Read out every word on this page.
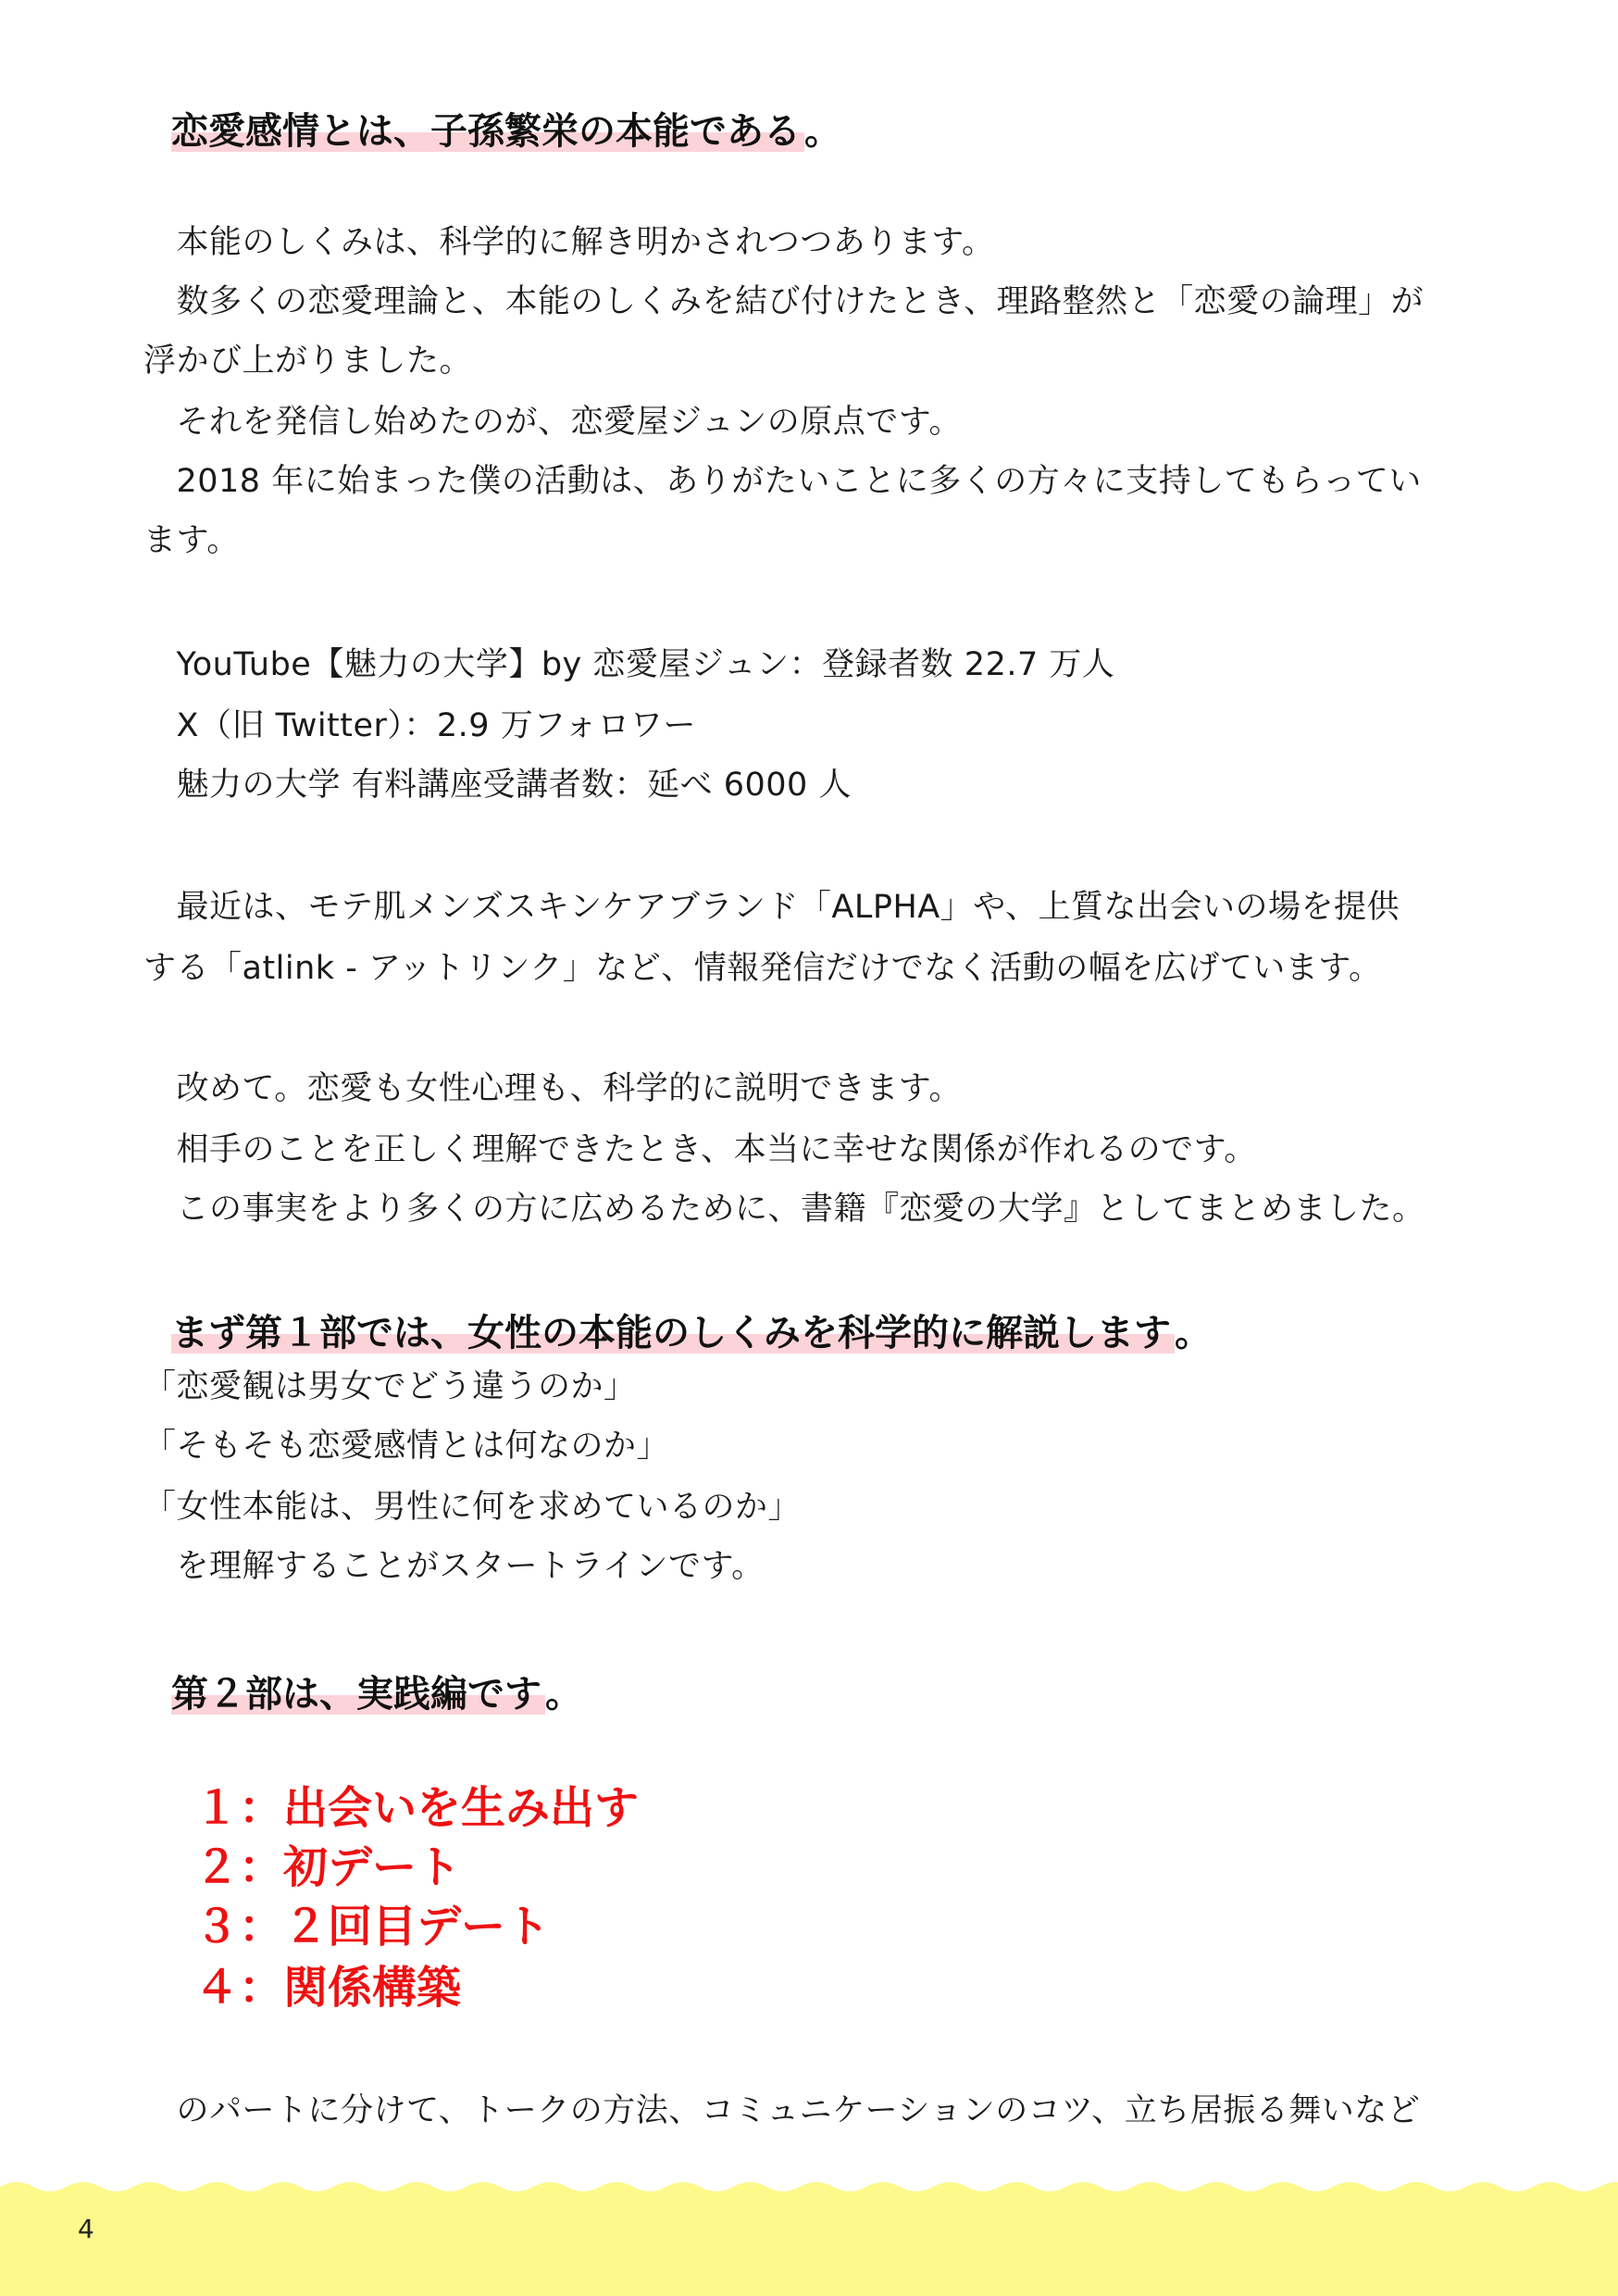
恋愛感情とは、子孫繁栄の本能である 。
　本能のしくみは、科学的に解き明かされつつあります。
　数多くの恋愛理論と、本能のしくみを結び付けたとき、理路整然と「恋愛の論理」が
浮かび上がりました。
　それを発信し始めたのが、恋愛屋ジュンの原点です。
　2018 年に始まった僕の活動は、ありがたいことに多くの方々に支持してもらってい
ます。
　YouTube【魅力の大学】by 恋愛屋ジュン：登録者数 22.7 万人
　X（旧 Twitter）：2.9 万フォロワー
　魅力の大学 有料講座受講者数：延べ 6000 人
　最近は、モテ肌メンズスキンケアブランド「ALPHA」や、上質な出会いの場を提供
する「atlink - アットリンク」など、情報発信だけでなく活動の幅を広げています。
　改めて。恋愛も女性心理も、科学的に説明できます。
　相手のことを正しく理解できたとき、本当に幸せな関係が作れるのです。
　この事実をより多くの方に広めるために、書籍『恋愛の大学』としてまとめました。
まず第１部では、女性の本能のしくみを科学的に解説します 。
「恋愛観は男女でどう違うのか」
「そもそも恋愛感情とは何なのか」
「女性本能は、男性に何を求めているのか」
　を理解することがスタートラインです。
第２部は、実践編です 。
１：出会いを生み出す
２：初デート
３：２回目デート
４：関係構築
　のパートに分けて、トークの方法、コミュニケーションのコツ、立ち居振る舞いなど
4
